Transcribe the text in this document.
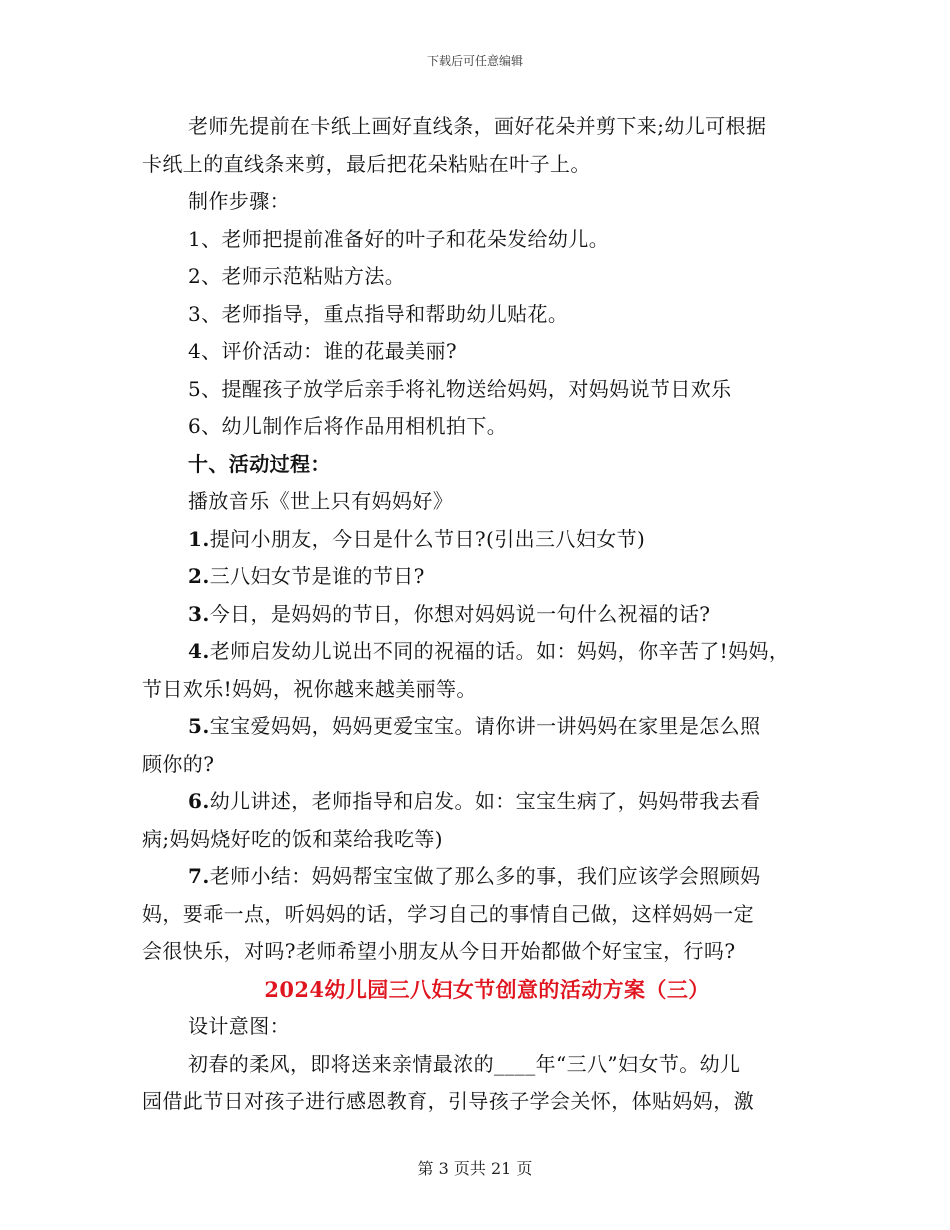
下载后可任意编辑
老师先提前在卡纸上画好直线条，画好花朵并剪下来;幼儿可根据
卡纸上的直线条来剪，最后把花朵粘贴在叶子上。
制作步骤：
1、老师把提前准备好的叶子和花朵发给幼儿。
2、老师示范粘贴方法。
3、老师指导，重点指导和帮助幼儿贴花。
4、评价活动：谁的花最美丽?
5、提醒孩子放学后亲手将礼物送给妈妈，对妈妈说节日欢乐
6、幼儿制作后将作品用相机拍下。
十、活动过程：
播放音乐《世上只有妈妈好》
1.提问小朋友，今日是什么节日?(引出三八妇女节)
2.三八妇女节是谁的节日?
3.今日，是妈妈的节日，你想对妈妈说一句什么祝福的话?
4.老师启发幼儿说出不同的祝福的话。如：妈妈，你辛苦了!妈妈，
节日欢乐!妈妈，祝你越来越美丽等。
5.宝宝爱妈妈，妈妈更爱宝宝。请你讲一讲妈妈在家里是怎么照
顾你的?
6.幼儿讲述，老师指导和启发。如：宝宝生病了，妈妈带我去看
病;妈妈烧好吃的饭和菜给我吃等)
7.老师小结：妈妈帮宝宝做了那么多的事，我们应该学会照顾妈
妈，要乖一点，听妈妈的话，学习自己的事情自己做，这样妈妈一定
会很快乐，对吗?老师希望小朋友从今日开始都做个好宝宝，行吗?
2024幼儿园三八妇女节创意的活动方案（三）
设计意图：
初春的柔风，即将送来亲情最浓的____年“三八”妇女节。幼儿
园借此节日对孩子进行感恩教育，引导孩子学会关怀，体贴妈妈，激
第 3 页共 21 页
